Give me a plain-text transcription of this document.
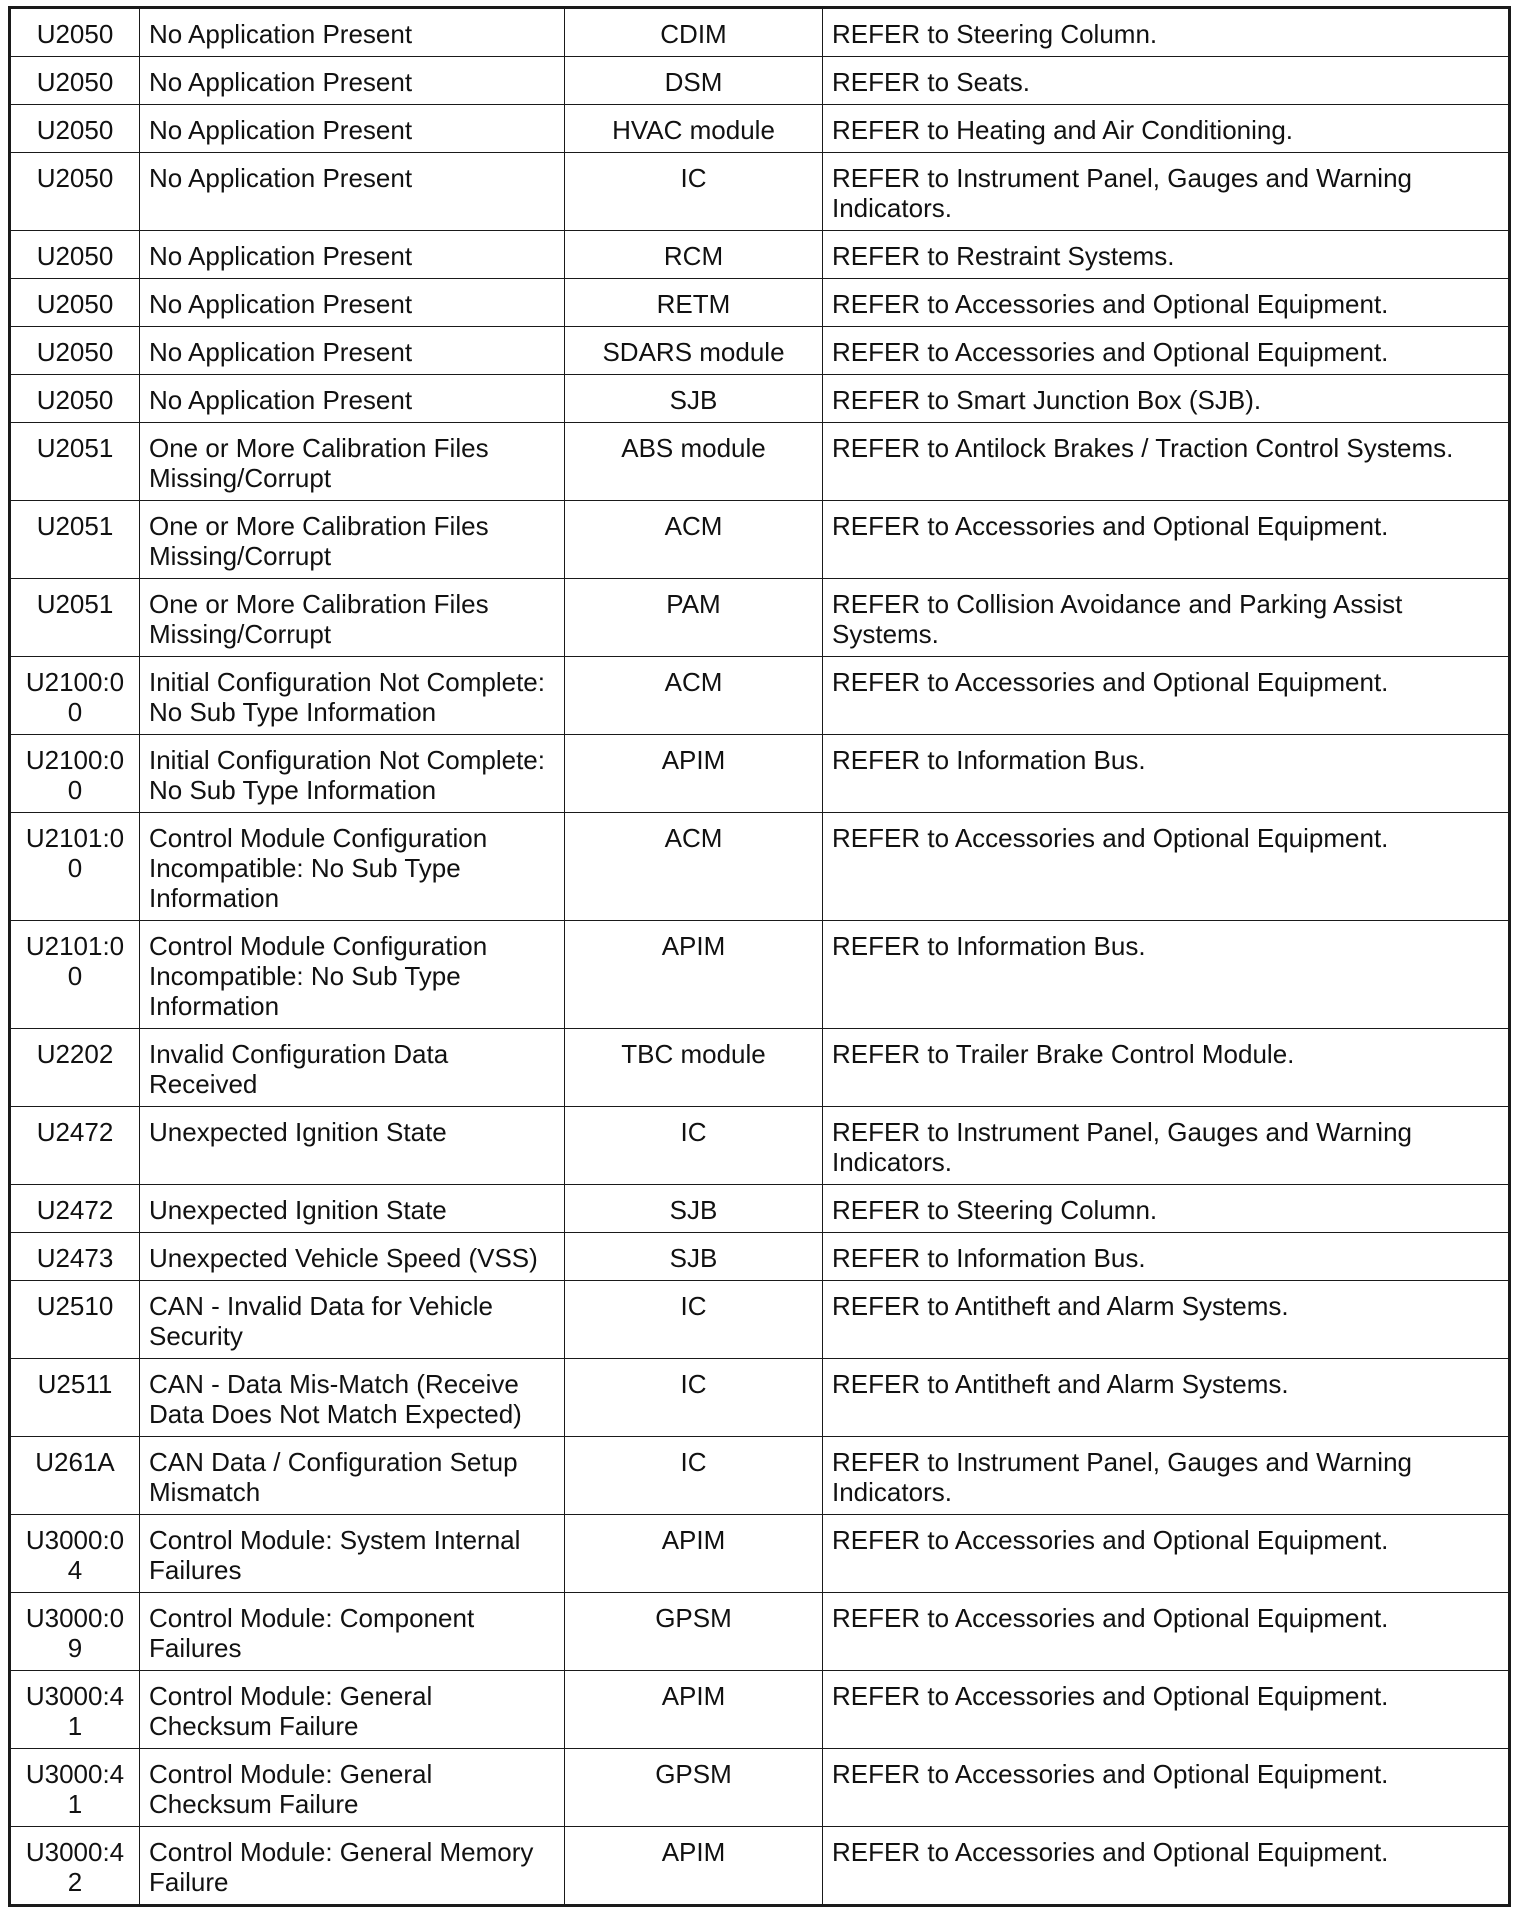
U2050	No Application Present	CDIM	REFER to Steering Column.
U2050	No Application Present	DSM	REFER to Seats.
U2050	No Application Present	HVAC module	REFER to Heating and Air Conditioning.
U2050	No Application Present	IC	REFER to Instrument Panel, Gauges and Warning Indicators.
U2050	No Application Present	RCM	REFER to Restraint Systems.
U2050	No Application Present	RETM	REFER to Accessories and Optional Equipment.
U2050	No Application Present	SDARS module	REFER to Accessories and Optional Equipment.
U2050	No Application Present	SJB	REFER to Smart Junction Box (SJB).
U2051	One or More Calibration Files Missing/Corrupt	ABS module	REFER to Antilock Brakes / Traction Control Systems.
U2051	One or More Calibration Files Missing/Corrupt	ACM	REFER to Accessories and Optional Equipment.
U2051	One or More Calibration Files Missing/Corrupt	PAM	REFER to Collision Avoidance and Parking Assist Systems.
U2100:00	Initial Configuration Not Complete: No Sub Type Information	ACM	REFER to Accessories and Optional Equipment.
U2100:00	Initial Configuration Not Complete: No Sub Type Information	APIM	REFER to Information Bus.
U2101:00	Control Module Configuration Incompatible: No Sub Type Information	ACM	REFER to Accessories and Optional Equipment.
U2101:00	Control Module Configuration Incompatible: No Sub Type Information	APIM	REFER to Information Bus.
U2202	Invalid Configuration Data Received	TBC module	REFER to Trailer Brake Control Module.
U2472	Unexpected Ignition State	IC	REFER to Instrument Panel, Gauges and Warning Indicators.
U2472	Unexpected Ignition State	SJB	REFER to Steering Column.
U2473	Unexpected Vehicle Speed (VSS)	SJB	REFER to Information Bus.
U2510	CAN - Invalid Data for Vehicle Security	IC	REFER to Antitheft and Alarm Systems.
U2511	CAN - Data Mis-Match (Receive Data Does Not Match Expected)	IC	REFER to Antitheft and Alarm Systems.
U261A	CAN Data / Configuration Setup Mismatch	IC	REFER to Instrument Panel, Gauges and Warning Indicators.
U3000:04	Control Module: System Internal Failures	APIM	REFER to Accessories and Optional Equipment.
U3000:09	Control Module: Component Failures	GPSM	REFER to Accessories and Optional Equipment.
U3000:41	Control Module: General Checksum Failure	APIM	REFER to Accessories and Optional Equipment.
U3000:41	Control Module: General Checksum Failure	GPSM	REFER to Accessories and Optional Equipment.
U3000:42	Control Module: General Memory Failure	APIM	REFER to Accessories and Optional Equipment.
